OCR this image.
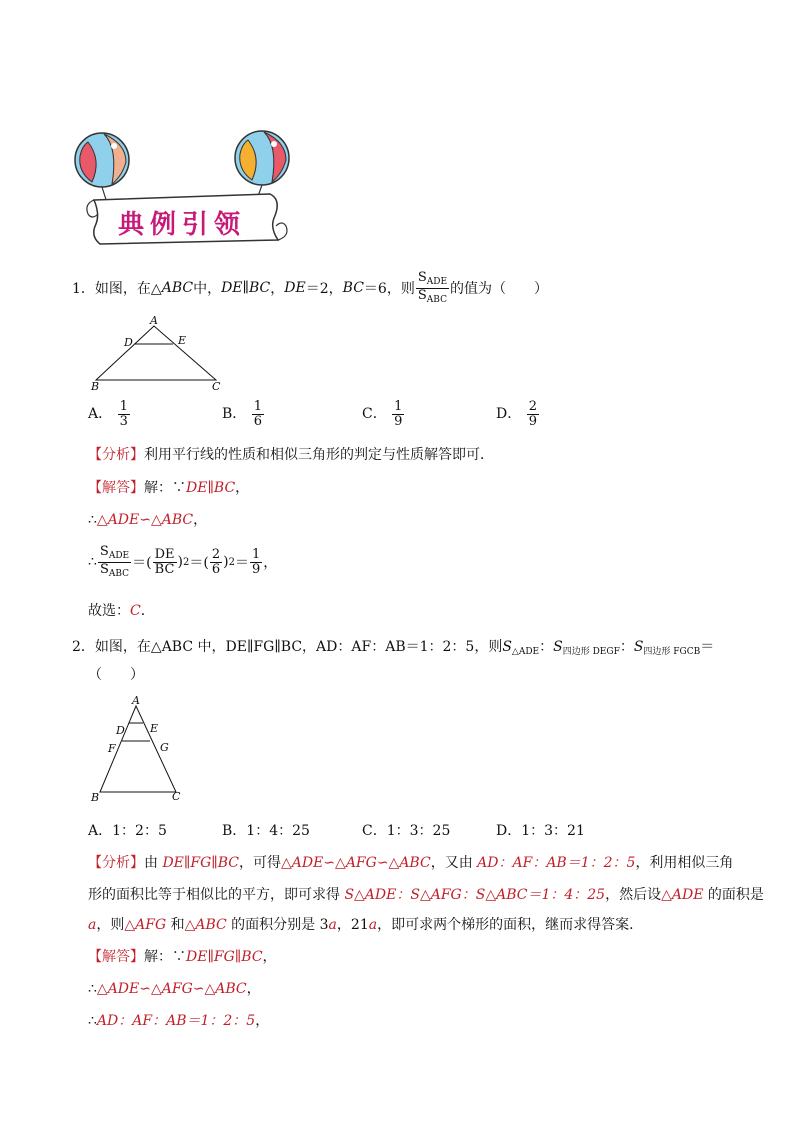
典例引领
1． 如图，在△ ABC 中， DE ∥ BC ， DE ＝2， BC ＝6，则 $\frac{S_{ADE}}{S_{ABC}}$ 的值为（　　）
A
D	E
B	C
A． $\frac{1}{3}$	B． $\frac{1}{6}$	C． $\frac{1}{9}$	D． $\frac{2}{9}$
【分析】利用平行线的性质和相似三角形的判定与性质解答即可．
【解答】解：∵DE∥BC，
∴△ADE∽△ABC，
∴ $\frac{S_{ADE}}{S_{ABC}}$ ＝( $\frac{DE}{BC}$ ) 2 ＝( $\frac{2}{6}$ ) $2 = \frac{1}{9}$ ，
故选：C．
2．如图，在△ABC 中，DE∥FG∥BC，AD：AF：AB＝1：2：5，则$S_{\triangle ADE}$：$S_{四边形 DEGF}$：$S_{四边形 FGCB}=$
（　　）
A
D E
F	G
B	C
A．1：2：5	B．1：4：25	C．1：3：25	D．1：3：21
【分析】由 DE∥FG∥BC，可得△ADE∽△AFG∽△ABC，又由 AD：AF：AB＝1：2：5，利用相似三角
形的面积比等于相似比的平方，即可求得 S△ADE：S△AFG：S△ABC＝1：4：25，然后设△ADE 的面积是
a，则△AFG 和△ABC 的面积分别是 3a，21a，即可求两个梯形的面积，继而求得答案．
【解答】解：∵DE∥FG∥BC，
∴△ADE∽△AFG∽△ABC，
∴AD：AF：AB＝1：2：5，
